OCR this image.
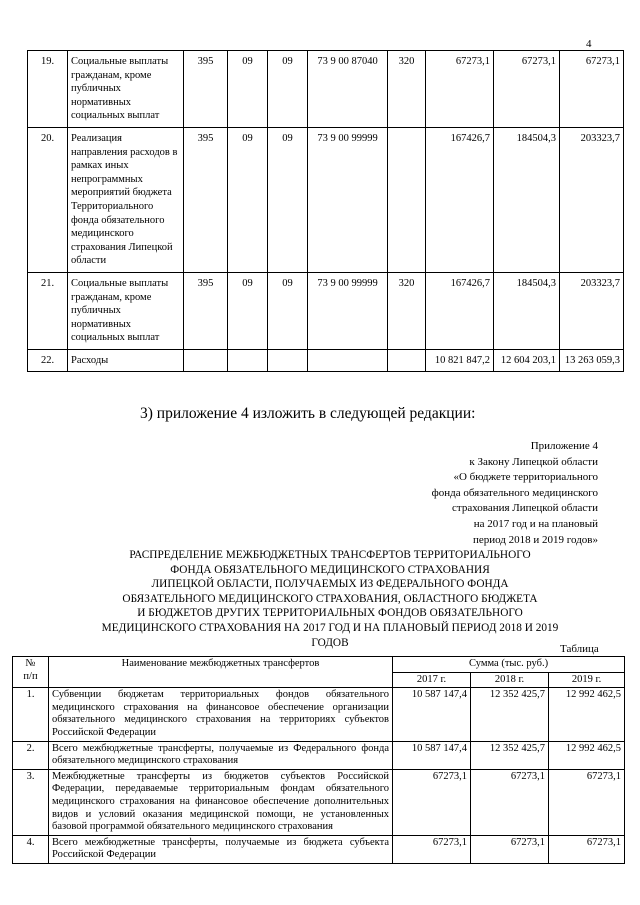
4
19.	Социальные выплаты гражданам, кроме публичных нормативных социальных выплат	395	09	09	73 9 00 87040	320	67273,1	67273,1	67273,1
20.	Реализация направления расходов в рамках иных непрограммных мероприятий бюджета Территориального фонда обязательного медицинского страхования Липецкой области	395	09	09	73 9 00 99999		167426,7	184504,3	203323,7
21.	Социальные выплаты гражданам, кроме публичных нормативных социальных выплат	395	09	09	73 9 00 99999	320	167426,7	184504,3	203323,7
22.	Расходы						10 821 847,2	12 604 203,1	13 263 059,3
3) приложение 4 изложить в следующей редакции:
Приложение 4
к Закону Липецкой области
«О бюджете территориального
фонда обязательного медицинского
страхования Липецкой области
на 2017 год и на плановый
период 2018 и 2019 годов»
РАСПРЕДЕЛЕНИЕ МЕЖБЮДЖЕТНЫХ ТРАНСФЕРТОВ ТЕРРИТОРИАЛЬНОГО
ФОНДА ОБЯЗАТЕЛЬНОГО МЕДИЦИНСКОГО СТРАХОВАНИЯ
ЛИПЕЦКОЙ ОБЛАСТИ, ПОЛУЧАЕМЫХ ИЗ ФЕДЕРАЛЬНОГО ФОНДА
ОБЯЗАТЕЛЬНОГО МЕДИЦИНСКОГО СТРАХОВАНИЯ, ОБЛАСТНОГО БЮДЖЕТА
И БЮДЖЕТОВ ДРУГИХ ТЕРРИТОРИАЛЬНЫХ ФОНДОВ ОБЯЗАТЕЛЬНОГО
МЕДИЦИНСКОГО СТРАХОВАНИЯ НА 2017 ГОД И НА ПЛАНОВЫЙ ПЕРИОД 2018 И 2019
ГОДОВ
Таблица
№
п/п	Наименование межбюджетных трансфертов	Сумма (тыс. руб.)		
		2017 г.	2018 г.	2019 г.
1.	Субвенции бюджетам территориальных фондов обязательного медицинского страхования на финансовое обеспечение организации обязательного медицинского страхования на территориях субъектов Российской Федерации	10 587 147,4	12 352 425,7	12 992 462,5
2.	Всего межбюджетные трансферты, получаемые из Федерального фонда обязательного медицинского страхования	10 587 147,4	12 352 425,7	12 992 462,5
3.	Межбюджетные трансферты из бюджетов субъектов Российской Федерации, передаваемые территориальным фондам обязательного медицинского страхования на финансовое обеспечение дополнительных видов и условий оказания медицинской помощи, не установленных базовой программой обязательного медицинского страхования	67273,1	67273,1	67273,1
4.	Всего межбюджетные трансферты, получаемые из бюджета субъекта Российской Федерации	67273,1	67273,1	67273,1
